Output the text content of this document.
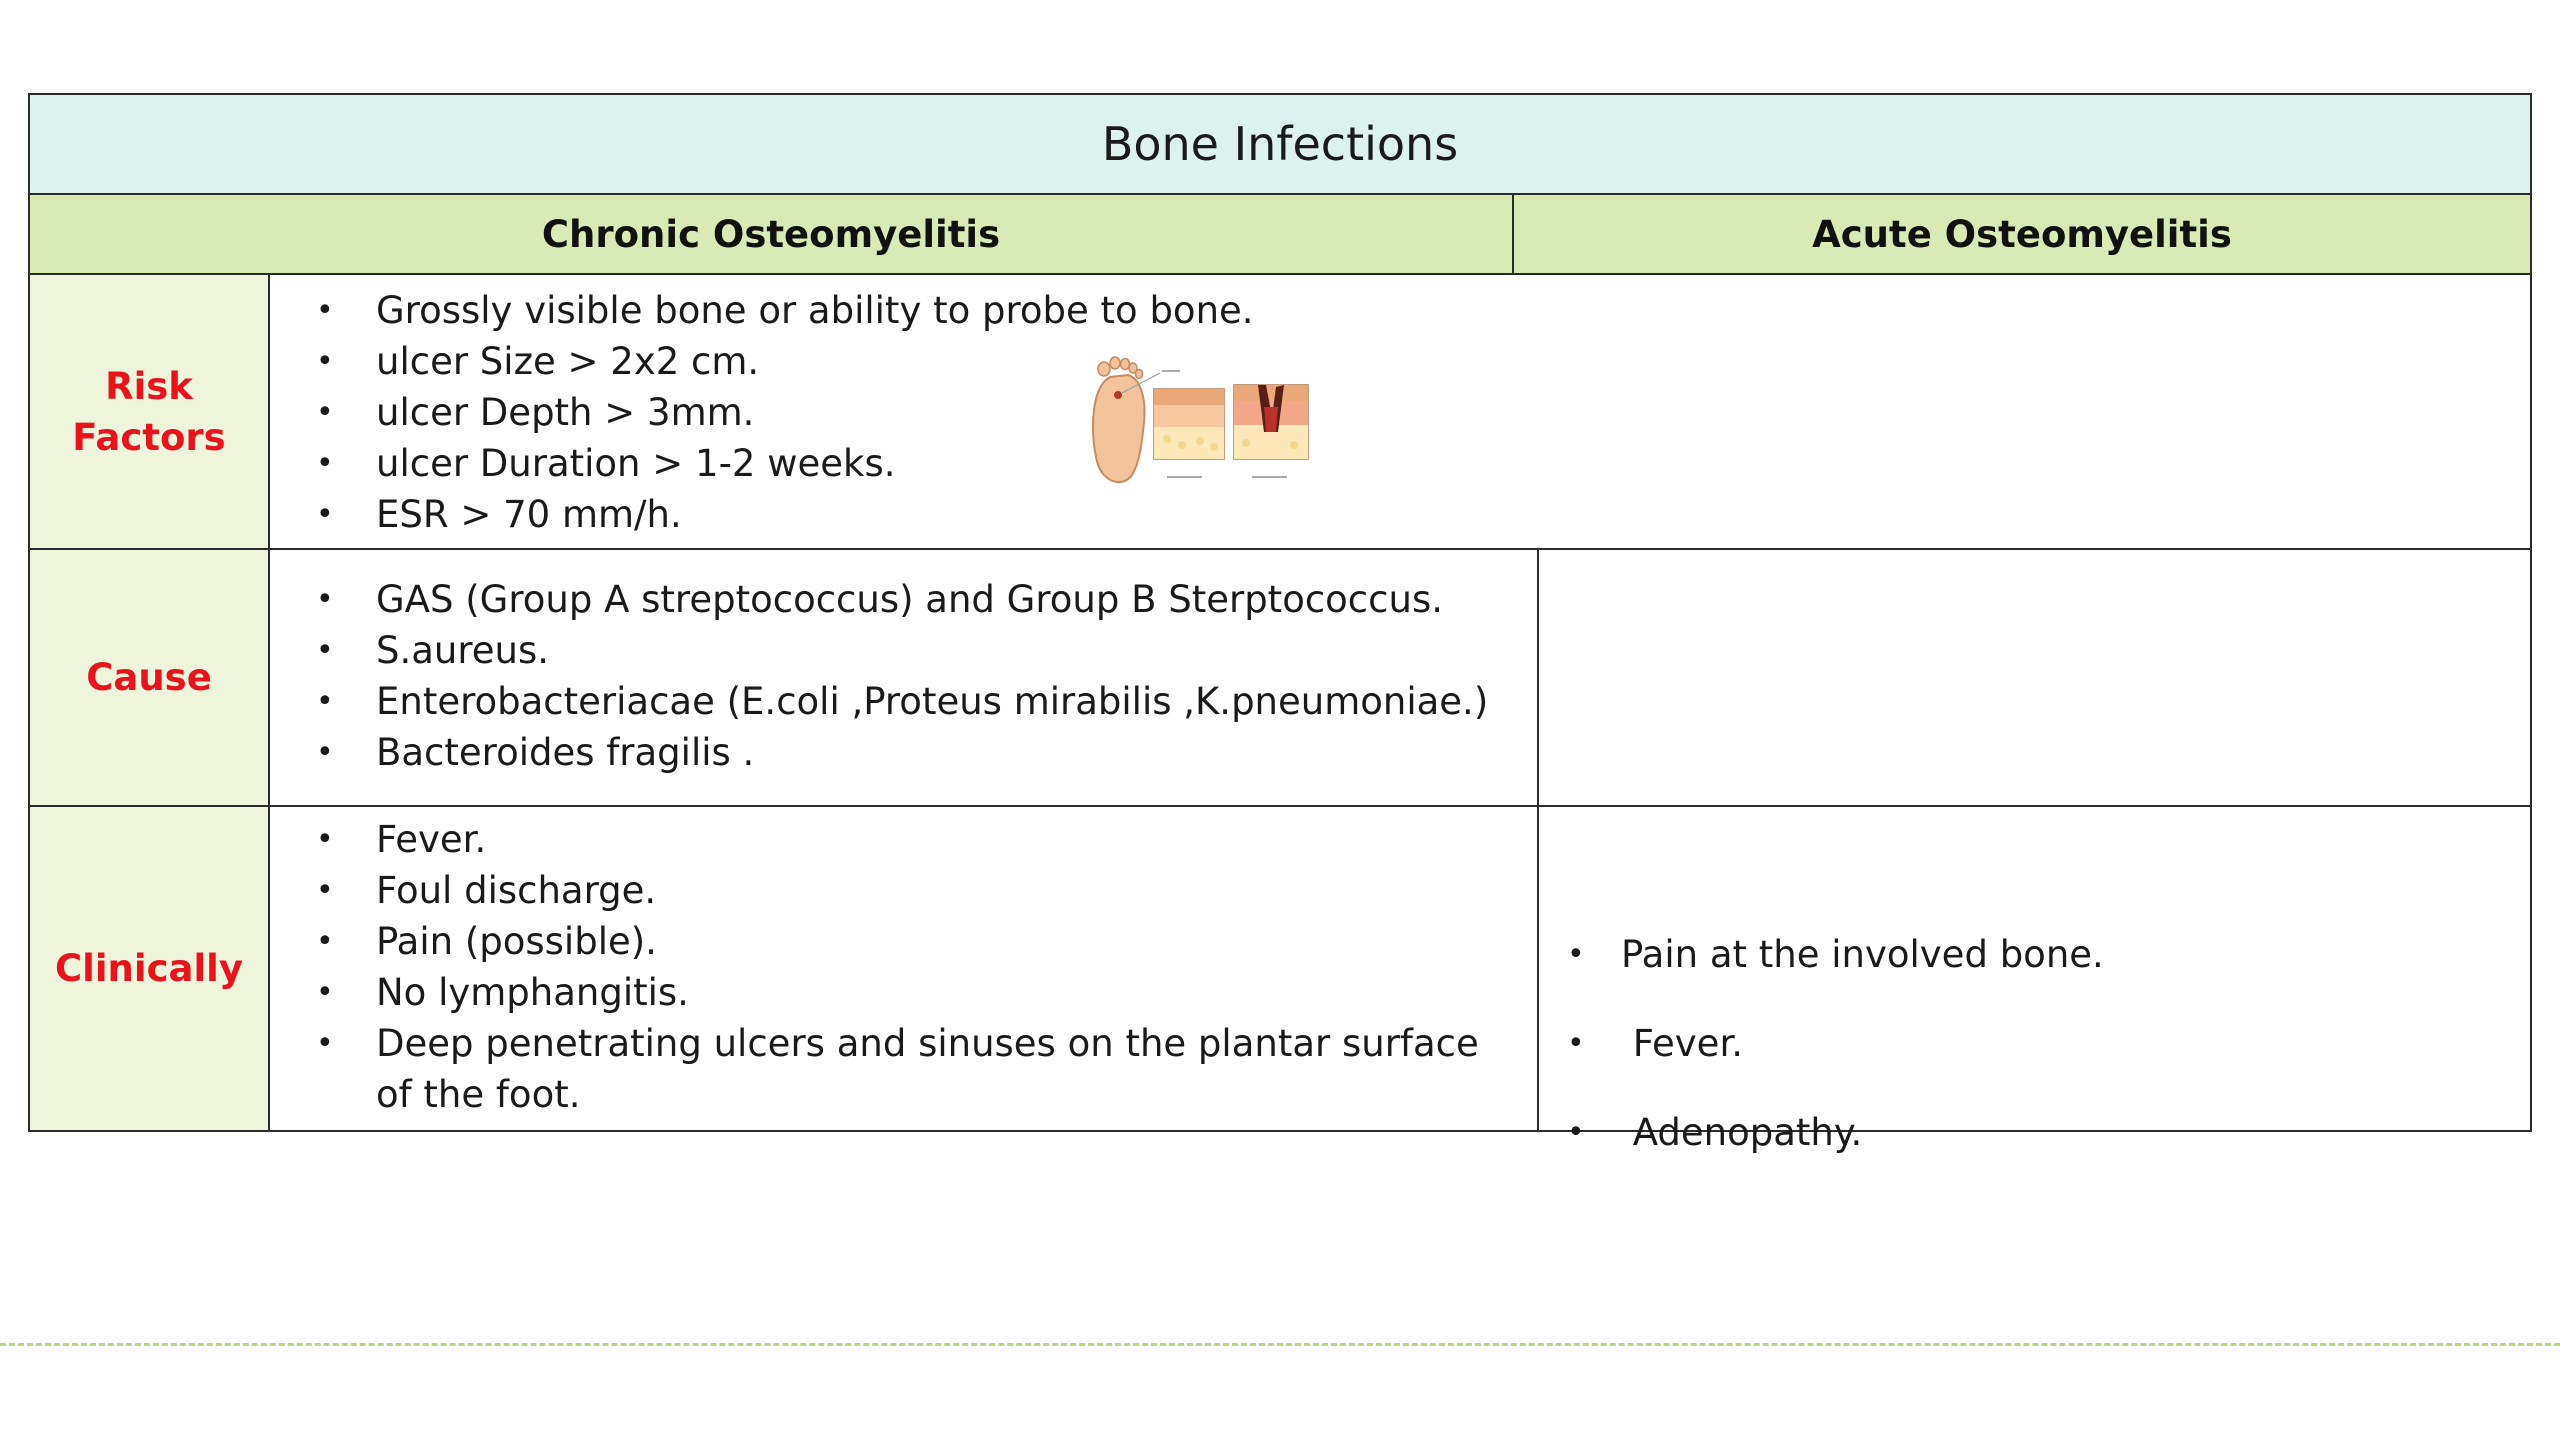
Bone Infections
Chronic Osteomyelitis	Acute Osteomyelitis
Risk
Factors
• Grossly visible bone or ability to probe to bone.
• ulcer Size > 2x2 cm.
• ulcer Depth > 3mm.
• ulcer Duration > 1-2 weeks.
• ESR > 70 mm/h.
Cause
• GAS (Group A streptococcus) and Group B Sterptococcus.
• S.aureus.
• Enterobacteriacae (E.coli ,Proteus mirabilis ,K.pneumoniae.)
• Bacteroides fragilis .
Clinically
• Fever.
• Foul discharge.
• Pain (possible).
• No lymphangitis.
• Deep penetrating ulcers and sinuses on the plantar surface of the foot.

• Pain at the involved bone.

• Fever.

• Adenopathy.
